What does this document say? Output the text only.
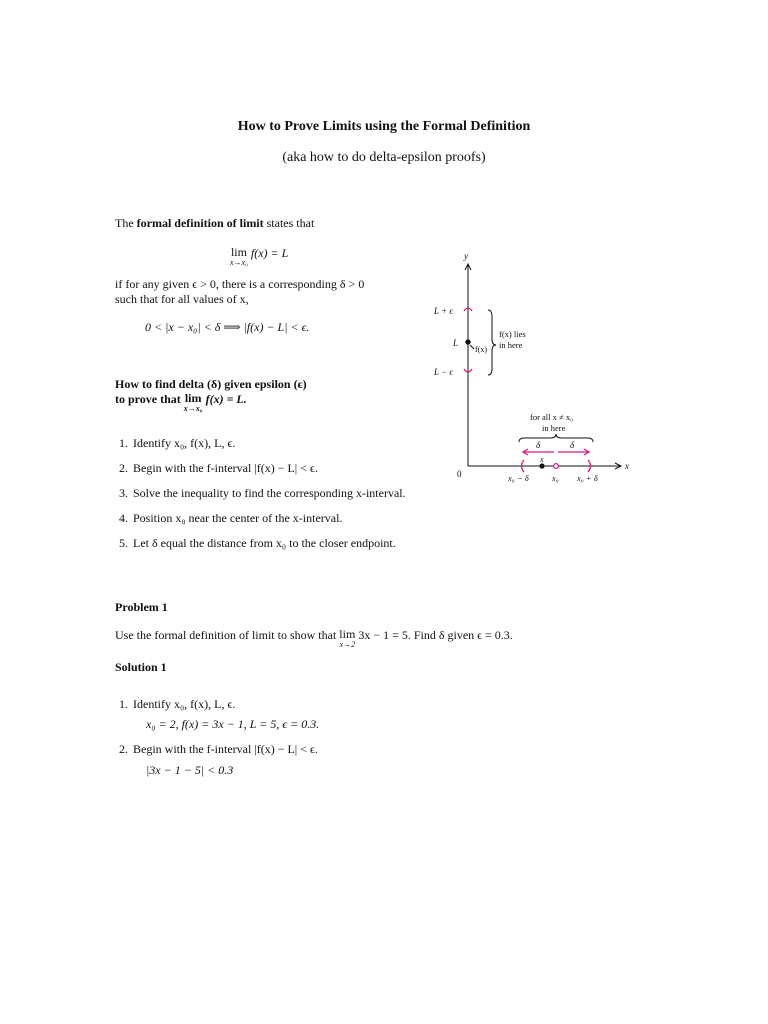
How to Prove Limits using the Formal Definition
(aka how to do delta-epsilon proofs)
The formal definition of limit states that
lim
x→x₀
f(x) = L
if for any given ϵ > 0, there is a corresponding δ > 0
such that for all values of x,
0 < |x − x₀| < δ ⟹ |f(x) − L| < ϵ.
How to find delta (δ) given epsilon (ϵ)
to prove that lim
x→x₀
f(x) = L.
1. Identify x₀, f(x), L, ϵ.
2. Begin with the f-interval |f(x) − L| < ϵ.
3. Solve the inequality to find the corresponding x-interval.
4. Position x₀ near the center of the x-interval.
5. Let δ equal the distance from x₀ to the closer endpoint.
y
x
0
L + ϵ
L
L − ϵ
f(x)
f(x) lies
in here
for all x ≠ x₀
in here
δ	δ
x
x₀ − δ	x₀ x₀ + δ
Problem 1
Use the formal definition of limit to show that lim
x→2
3x − 1 = 5. Find δ given ϵ = 0.3.
Solution 1
1. Identify x₀, f(x), L, ϵ.
x₀ = 2, f(x) = 3x − 1, L = 5, ϵ = 0.3.
2. Begin with the f-interval |f(x) − L| < ϵ.
|3x − 1 − 5| < 0.3
